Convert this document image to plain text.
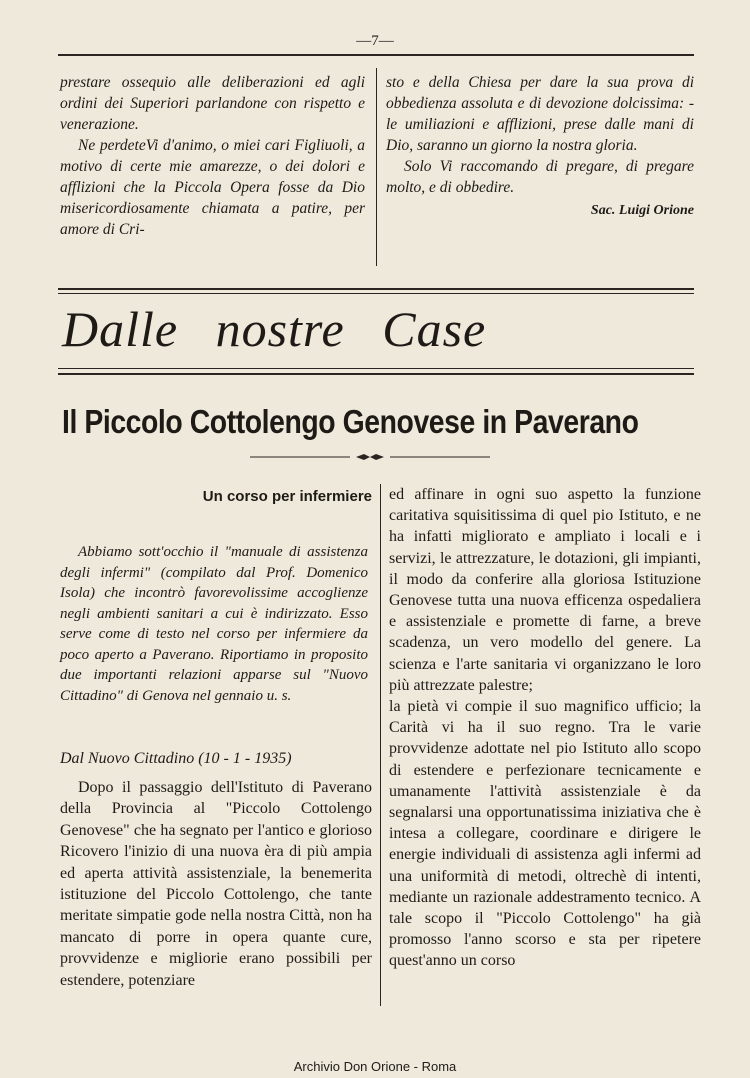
—7—

prestare ossequio alle deliberazioni ed agli ordini dei Superiori parlandone con rispetto e venerazione.

Ne perdeteVi d'animo, o miei cari Figliuoli, a motivo di certe mie amarezze, o dei dolori e afflizioni che la Piccola Opera fosse da Dio misericordiosamente chiamata a patire, per amore di Cri-

sto e della Chiesa per dare la sua prova di obbedienza assoluta e di devozione dolcissima: - le umiliazioni e afflizioni, prese dalle mani di Dio, saranno un giorno la nostra gloria.

Solo Vi raccomando di pregare, di pregare molto, e di obbedire.

Sac. Luigi Orione
Dalle nostre Case
Il Piccolo Cottolengo Genovese in Paverano
Un corso per infermiere

Abbiamo sott'occhio il "manuale di assistenza degli infermi" (compilato dal Prof. Domenico Isola) che incontrò favorevolissime accoglienze negli ambienti sanitari a cui è indirizzato. Esso serve come di testo nel corso per infermiere da poco aperto a Paverano. Riportiamo in proposito due importanti relazioni apparse sul "Nuovo Cittadino" di Genova nel gennaio u. s.

Dal Nuovo Cittadino (10 - 1 - 1935)

Dopo il passaggio dell'Istituto di Paverano della Provincia al "Piccolo Cottolengo Genovese" che ha segnato per l'antico e glorioso Ricovero l'inizio di una nuova èra di più ampia ed aperta attività assistenziale, la benemerita istituzione del Piccolo Cottolengo, che tante meritate simpatie gode nella nostra Città, non ha mancato di porre in opera quante cure, provvidenze e migliorie erano possibili per estendere, potenziare

ed affinare in ogni suo aspetto la funzione caritativa squisitissima di quel pio Istituto, e ne ha infatti migliorato e ampliato i locali e i servizi, le attrezzature, le dotazioni, gli impianti, il modo da conferire alla gloriosa Istituzione Genovese tutta una nuova efficenza ospedaliera e assistenziale e promette di farne, a breve scadenza, un vero modello del genere. La scienza e l'arte sanitaria vi organizzano le loro più attrezzate palestre;

la pietà vi compie il suo magnifico ufficio; la Carità vi ha il suo regno. Tra le varie provvidenze adottate nel pio Istituto allo scopo di estendere e perfezionare tecnicamente e umanamente l'attività assistenziale è da segnalarsi una opportunatissima iniziativa che è intesa a collegare, coordinare e dirigere le energie individuali di assistenza agli infermi ad una uniformità di metodi, oltrechè di intenti, mediante un razionale addestramento tecnico. A tale scopo il "Piccolo Cottolengo" ha già promosso l'anno scorso e sta per ripetere quest'anno un corso

Archivio Don Orione - Roma
